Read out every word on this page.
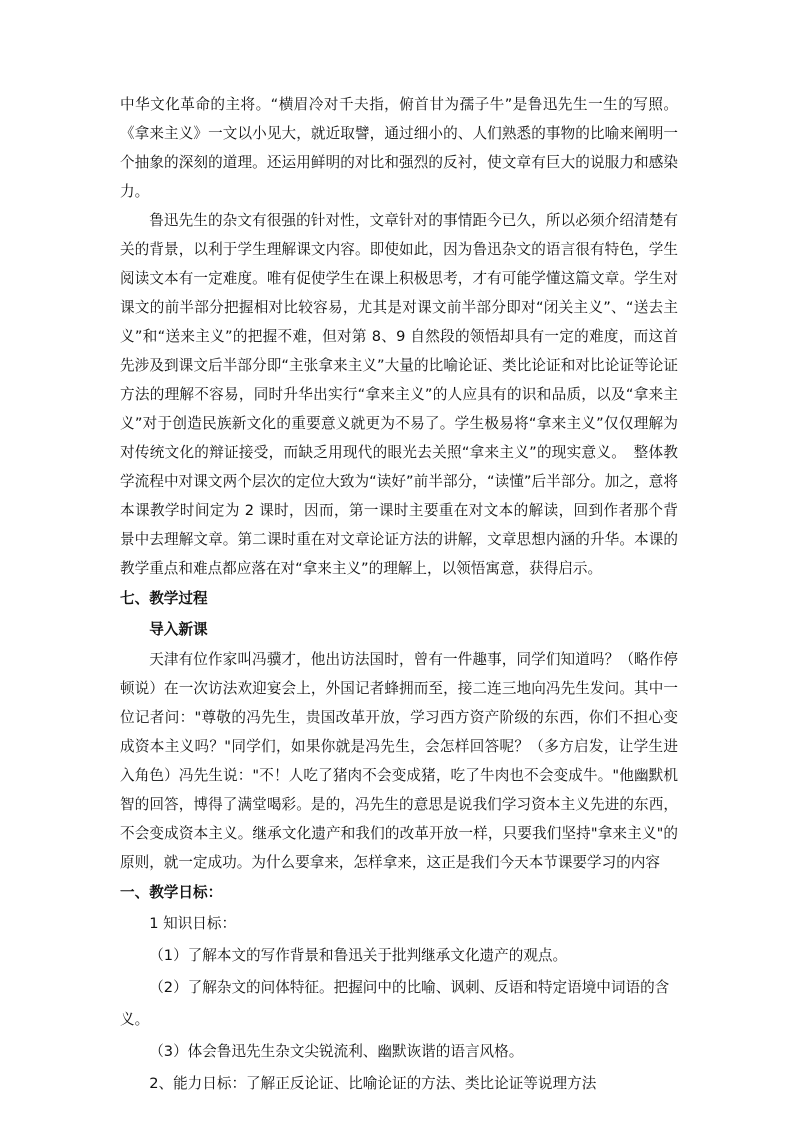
中华文化革命的主将。“横眉冷对千夫指，俯首甘为孺子牛”是鲁迅先生一生的写照。《拿来主义》一文以小见大，就近取譬，通过细小的、人们熟悉的事物的比喻来阐明一个抽象的深刻的道理。还运用鲜明的对比和强烈的反衬，使文章有巨大的说服力和感染力。

鲁迅先生的杂文有很强的针对性，文章针对的事情距今已久，所以必须介绍清楚有关的背景，以利于学生理解课文内容。即使如此，因为鲁迅杂文的语言很有特色，学生阅读文本有一定难度。唯有促使学生在课上积极思考，才有可能学懂这篇文章。学生对课文的前半部分把握相对比较容易，尤其是对课文前半部分即对“闭关主义”、“送去主义”和“送来主义”的把握不难，但对第 8、9 自然段的领悟却具有一定的难度，而这首先涉及到课文后半部分即“主张拿来主义”大量的比喻论证、类比论证和对比论证等论证方法的理解不容易，同时升华出实行“拿来主义”的人应具有的识和品质，以及“拿来主义”对于创造民族新文化的重要意义就更为不易了。学生极易将“拿来主义”仅仅理解为对传统文化的辩证接受，而缺乏用现代的眼光去关照“拿来主义”的现实意义。　整体教学流程中对课文两个层次的定位大致为“读好”前半部分，“读懂”后半部分。加之，意将本课教学时间定为 2 课时，因而，第一课时主要重在对文本的解读，回到作者那个背景中去理解文章。第二课时重在对文章论证方法的讲解，文章思想内涵的升华。本课的教学重点和难点都应落在对“拿来主义”的理解上，以领悟寓意，获得启示。

七、教学过程

导入新课

天津有位作家叫冯骥才，他出访法国时，曾有一件趣事，同学们知道吗？（略作停顿说）在一次访法欢迎宴会上，外国记者蜂拥而至，接二连三地向冯先生发问。其中一位记者问："尊敬的冯先生，贵国改革开放，学习西方资产阶级的东西，你们不担心变成资本主义吗？"同学们，如果你就是冯先生，会怎样回答呢？（多方启发，让学生进入角色）冯先生说："不！人吃了猪肉不会变成猪，吃了牛肉也不会变成牛。"他幽默机智的回答，博得了满堂喝彩。是的，冯先生的意思是说我们学习资本主义先进的东西，不会变成资本主义。继承文化遗产和我们的改革开放一样，只要我们坚持"拿来主义"的原则，就一定成功。为什么要拿来，怎样拿来，这正是我们今天本节课要学习的内容

一、教学日标：

1 知识日标：

（1）了解本文的写作背景和鲁迅关于批判继承文化遗产的观点。

（2）了解杂文的问体特征。把握问中的比喻、讽刺、反语和特定语境中词语的含义。

（3）体会鲁迅先生杂文尖锐流利、幽默诙谐的语言风格。

2、能力日标：了解正反论证、比喻论证的方法、类比论证等说理方法
